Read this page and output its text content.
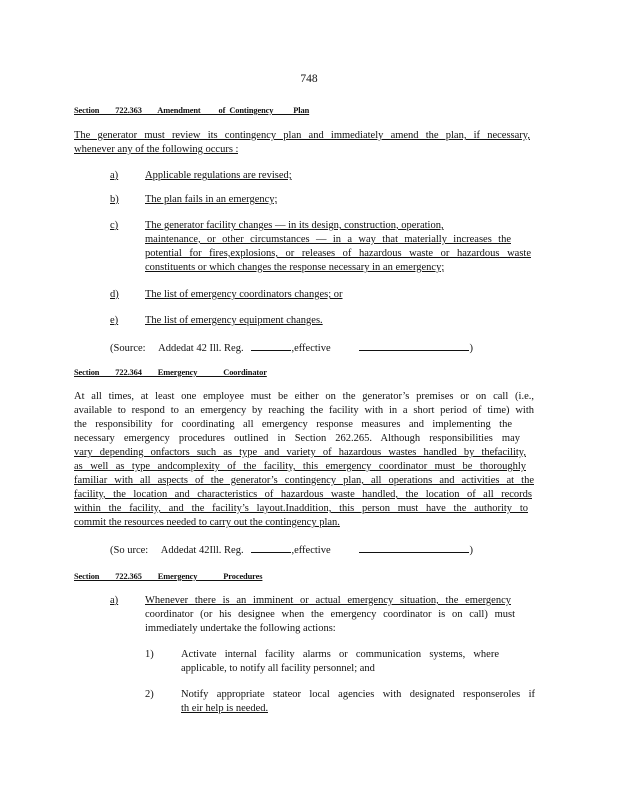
748
Section        722.363        Amendment         of  Contingency          Plan
The generator must review its contingency plan and immediately amend the plan, if necessary,
whenever any of the following occurs :
a)	Applicable regulations are revised;
b)	The plan fails in an emergency;
c)	The generator facility changes — in its design, construction, operation,
maintenance, or other circumstances — in a way that materially increases the
potential for fires,explosions, or releases of hazardous waste or hazardous waste
constituents or which changes the response necessary in an emergency;
d)	The list of emergency coordinators changes; or
e)	The list of emergency equipment changes.
(Source: Addedat 42 Ill. Reg.	,effective	)
Section        722.364        Emergency             Coordinator
At all times, at least one employee must be either on the generator’s premises or on call (i.e.,
available to respond to an emergency by reaching the facility with in a short period of time) with
the responsibility for coordinating all emergency response measures and implementing the
necessary emergency procedures outlined in Section 262.265. Although responsibilities may
vary depending onfactors such as type and variety of hazardous wastes handled by thefacility,
as well as type andcomplexity of the facility, this emergency coordinator must be thoroughly
familiar with all aspects of the generator’s contingency plan, all operations and activities at the
facility, the location and characteristics of hazardous waste handled, the location of all records
within the facility, and the facility’s layout.Inaddition, this person must have the authority to
commit the resources needed to carry out the contingency plan.
(So urce: Addedat 42Ill. Reg.	,effective	)
Section        722.365        Emergency             Procedures
a)	Whenever there is an imminent or actual emergency situation, the emergency
coordinator (or his designee when the emergency coordinator is on call) must
immediately undertake the following actions:
1)	Activate internal facility alarms or communication systems, where
applicable, to notify all facility personnel; and
2)	Notify appropriate stateor local agencies with designated responseroles if
th eir help is needed.
